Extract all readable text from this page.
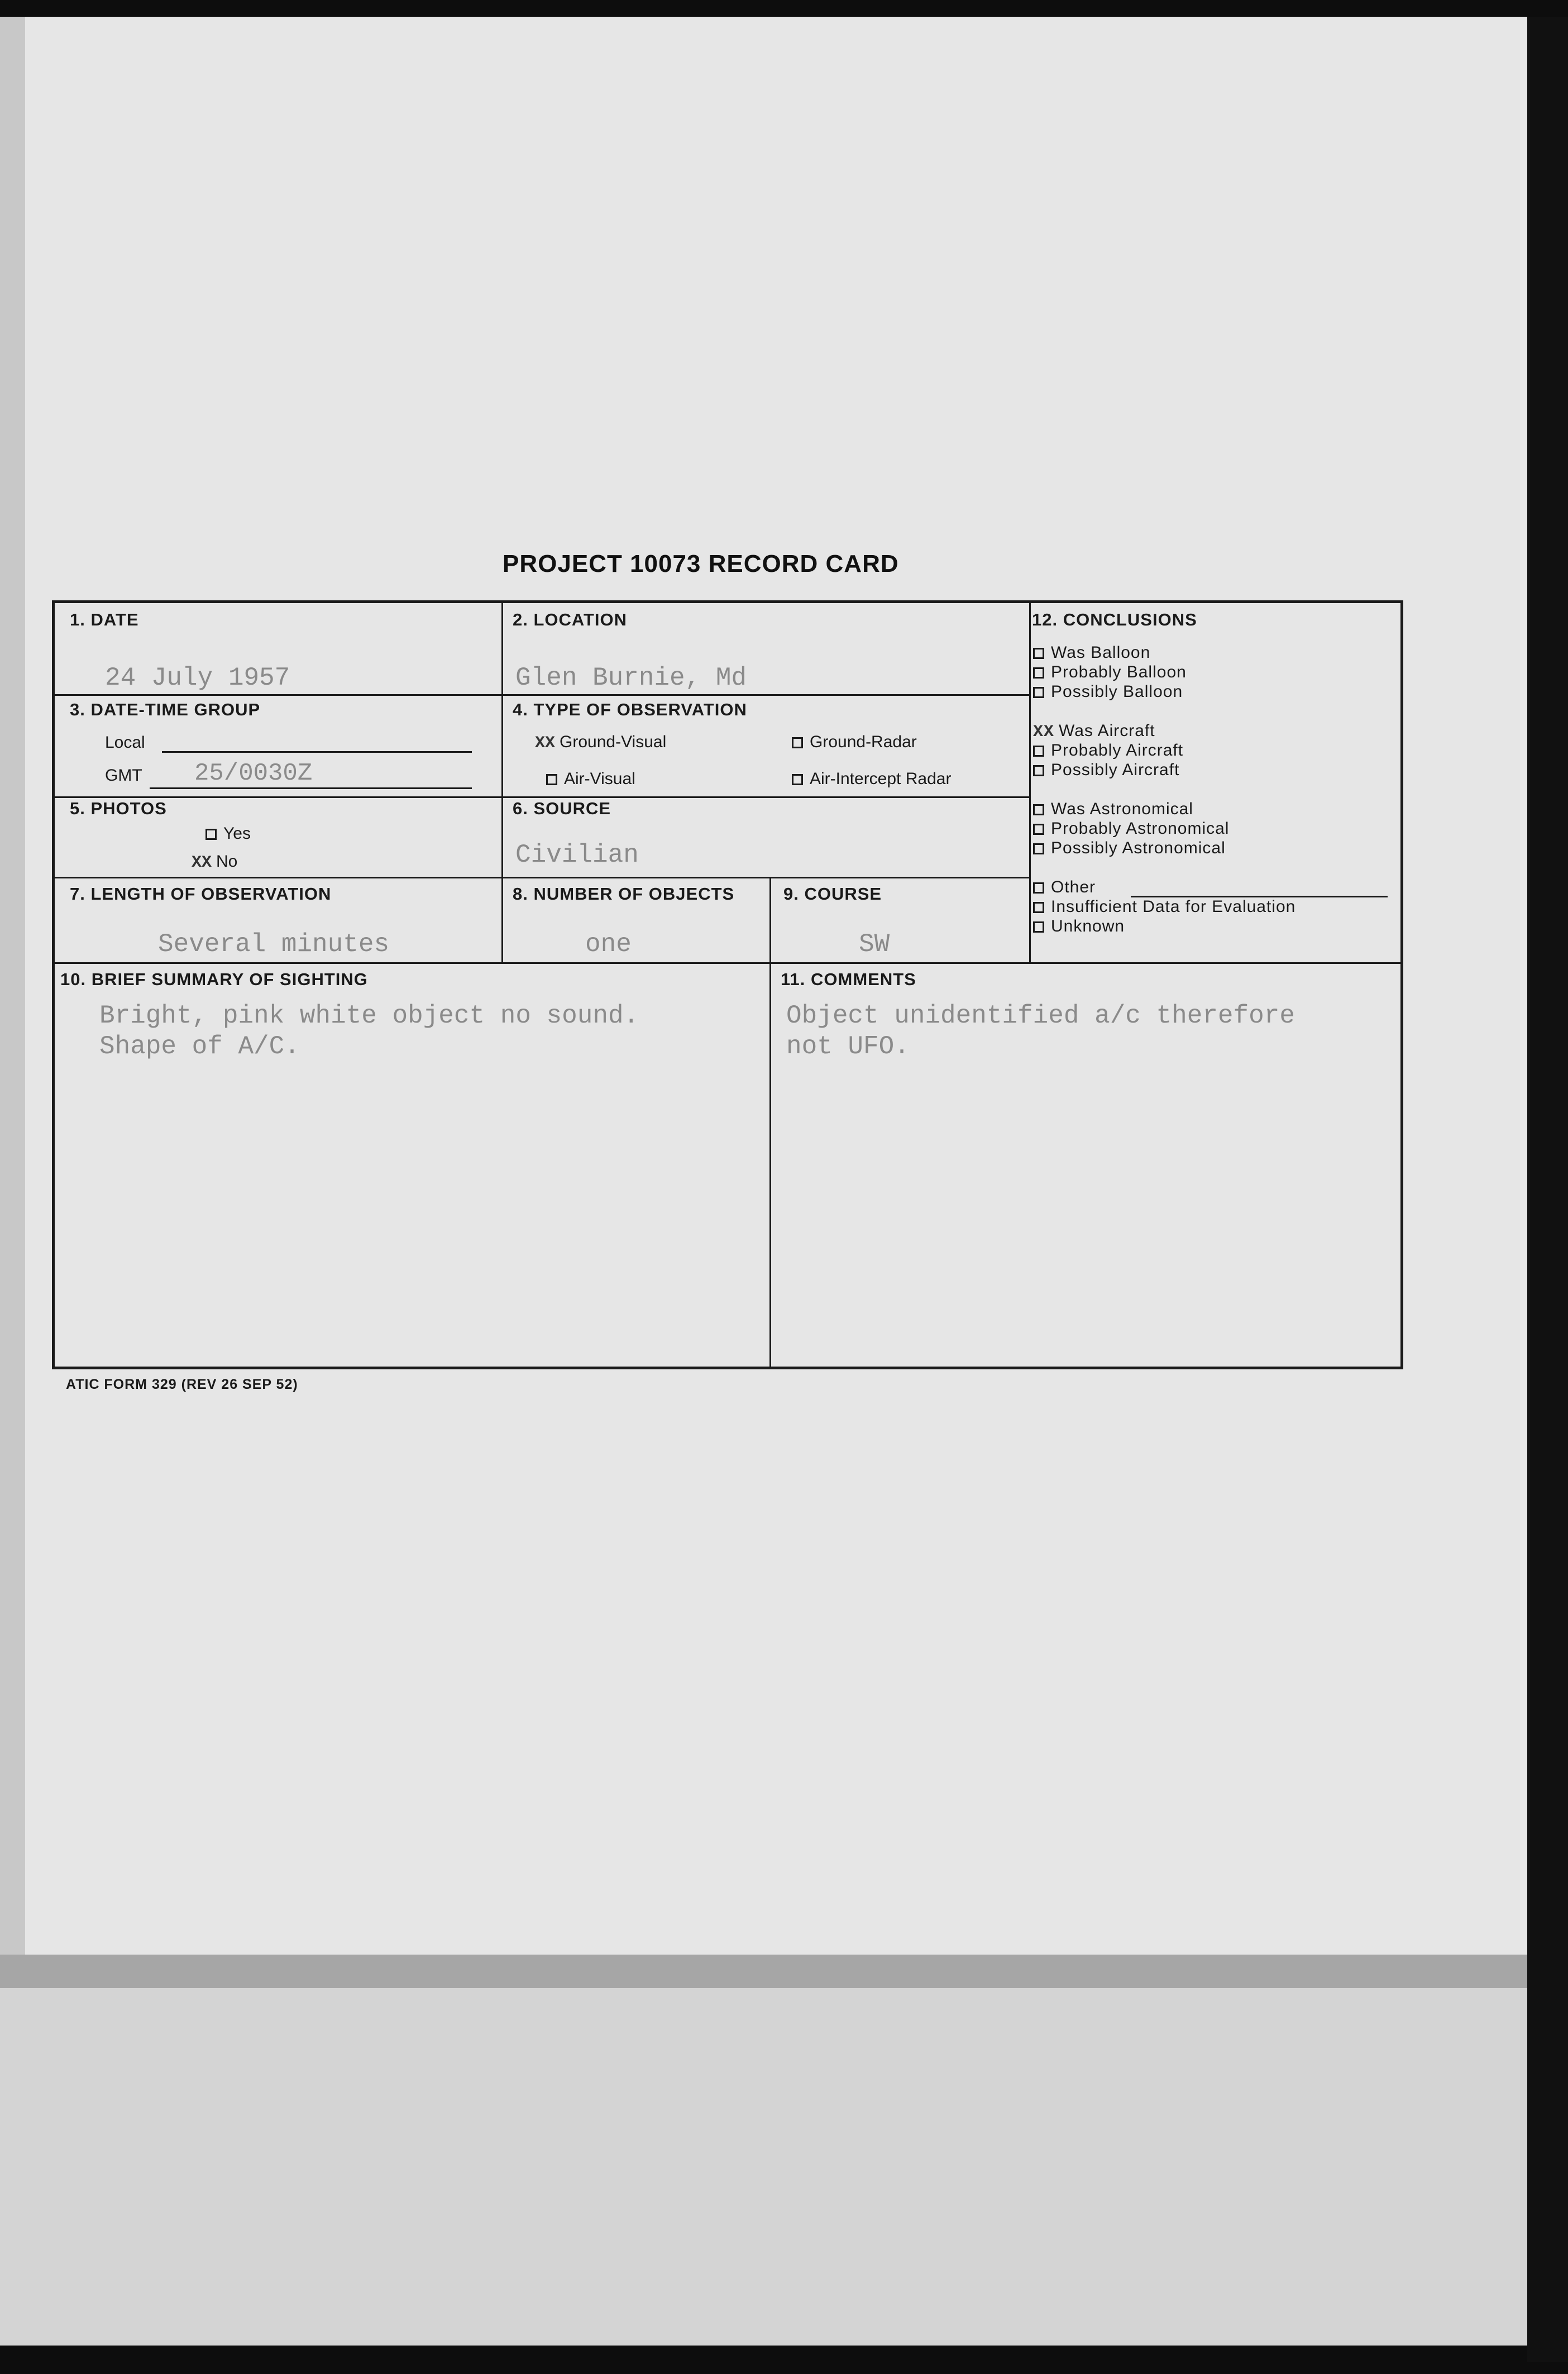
PROJECT 10073 RECORD CARD
1. DATE
24 July 1957
2. LOCATION
Glen Burnie, Md
3. DATE-TIME GROUP
Local
GMT 25/0030Z
4. TYPE OF OBSERVATION
XX Ground-Visual	Ground-Radar
Air-Visual	Air-Intercept Radar
5. PHOTOS
Yes
XX No
6. SOURCE
Civilian
7. LENGTH OF OBSERVATION
Several minutes
8. NUMBER OF OBJECTS
one
9. COURSE
SW
10. BRIEF SUMMARY OF SIGHTING
Bright, pink white object no sound.
Shape of A/C.
11. COMMENTS
Object unidentified a/c therefore
not UFO.
12. CONCLUSIONS
Was Balloon
Probably Balloon
Possibly Balloon
XX Was Aircraft
Probably Aircraft
Possibly Aircraft
Was Astronomical
Probably Astronomical
Possibly Astronomical
Other
Insufficient Data for Evaluation
Unknown
ATIC FORM 329 (REV 26 SEP 52)
